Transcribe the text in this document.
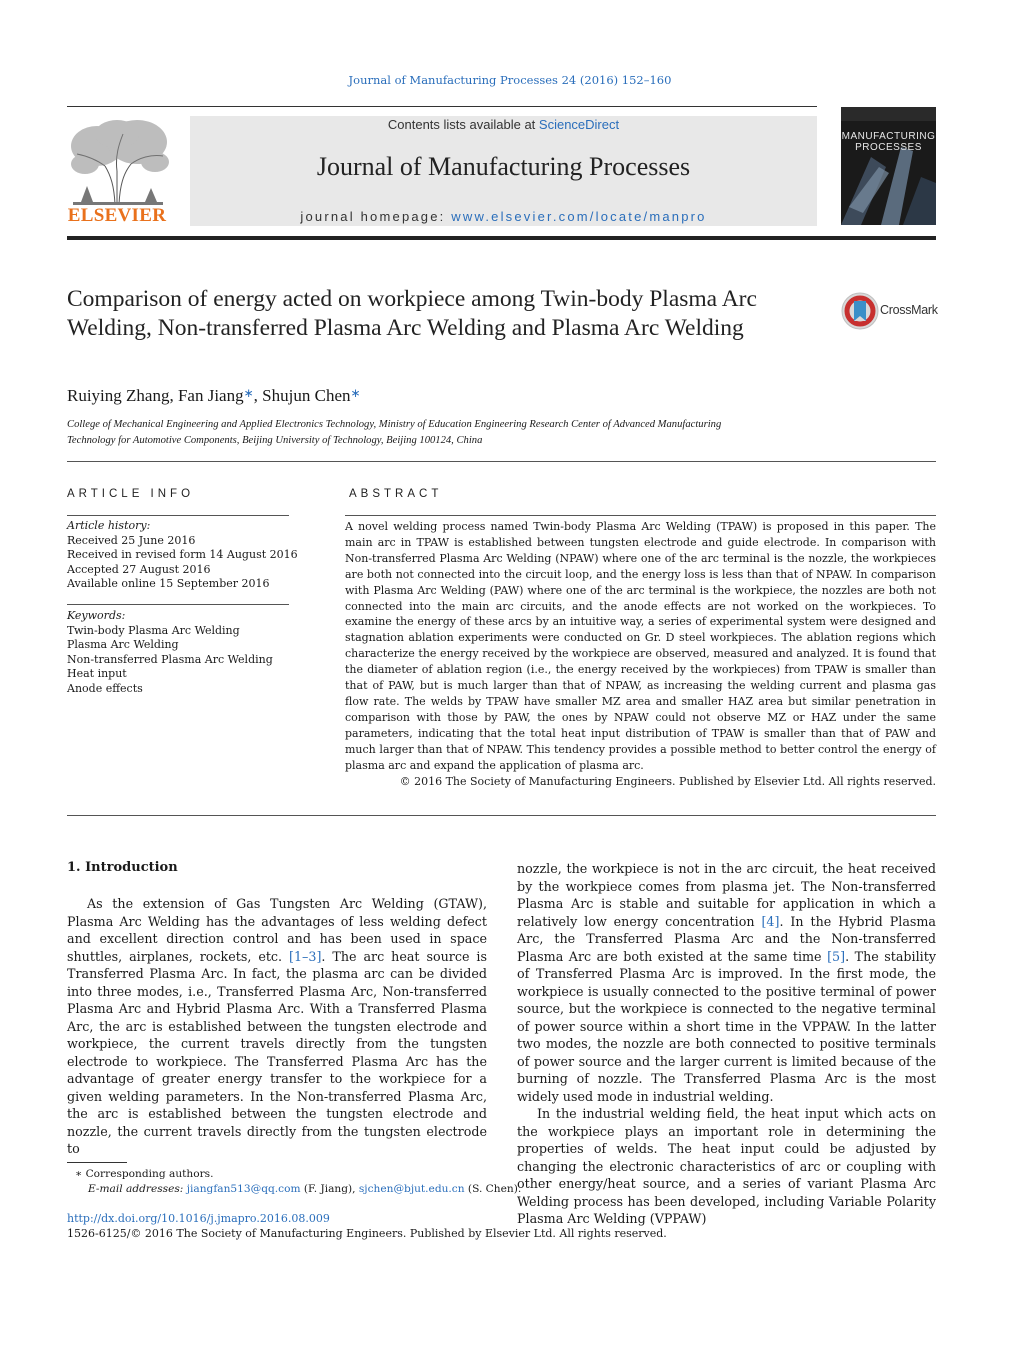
Journal of Manufacturing Processes 24 (2016) 152–160
ELSEVIER
Contents lists available at ScienceDirect
Journal of Manufacturing Processes
journal homepage: www.elsevier.com/locate/manpro
MANUFACTURING PROCESSES
Comparison of energy acted on workpiece among Twin-body Plasma Arc Welding, Non-transferred Plasma Arc Welding and Plasma Arc Welding
CrossMark
Ruiying Zhang, Fan Jiang∗, Shujun Chen∗
College of Mechanical Engineering and Applied Electronics Technology, Ministry of Education Engineering Research Center of Advanced Manufacturing
Technology for Automotive Components, Beijing University of Technology, Beijing 100124, China
ARTICLE INFO
Article history:
Received 25 June 2016
Received in revised form 14 August 2016
Accepted 27 August 2016
Available online 15 September 2016
Keywords:
Twin-body Plasma Arc Welding
Plasma Arc Welding
Non-transferred Plasma Arc Welding
Heat input
Anode effects
ABSTRACT
A novel welding process named Twin-body Plasma Arc Welding (TPAW) is proposed in this paper. The main arc in TPAW is established between tungsten electrode and guide electrode. In comparison with Non-transferred Plasma Arc Welding (NPAW) where one of the arc terminal is the nozzle, the workpieces are both not connected into the circuit loop, and the energy loss is less than that of NPAW. In comparison with Plasma Arc Welding (PAW) where one of the arc terminal is the workpiece, the nozzles are both not connected into the main arc circuits, and the anode effects are not worked on the workpieces. To examine the energy of these arcs by an intuitive way, a series of experimental system were designed and stagnation ablation experiments were conducted on Gr. D steel workpieces. The ablation regions which characterize the energy received by the workpiece are observed, measured and analyzed. It is found that the diameter of ablation region (i.e., the energy received by the workpieces) from TPAW is smaller than that of PAW, but is much larger than that of NPAW, as increasing the welding current and plasma gas flow rate. The welds by TPAW have smaller MZ area and smaller HAZ area but similar penetration in comparison with those by PAW, the ones by NPAW could not observe MZ or HAZ under the same parameters, indicating that the total heat input distribution of TPAW is smaller than that of PAW and much larger than that of NPAW. This tendency provides a possible method to better control the energy of plasma arc and expand the application of plasma arc.
© 2016 The Society of Manufacturing Engineers. Published by Elsevier Ltd. All rights reserved.
1. Introduction

As the extension of Gas Tungsten Arc Welding (GTAW), Plasma Arc Welding has the advantages of less welding defect and excellent direction control and has been used in space shuttles, airplanes, rockets, etc. [1–3]. The arc heat source is Transferred Plasma Arc. In fact, the plasma arc can be divided into three modes, i.e., Transferred Plasma Arc, Non-transferred Plasma Arc and Hybrid Plasma Arc. With a Transferred Plasma Arc, the arc is established between the tungsten electrode and workpiece, the current travels directly from the tungsten electrode to workpiece. The Transferred Plasma Arc has the advantage of greater energy transfer to the workpiece for a given welding parameters. In the Non-transferred Plasma Arc, the arc is established between the tungsten electrode and nozzle, the current travels directly from the tungsten electrode to

nozzle, the workpiece is not in the arc circuit, the heat received by the workpiece comes from plasma jet. The Non-transferred Plasma Arc is stable and suitable for application in which a relatively low energy concentration [4]. In the Hybrid Plasma Arc, the Transferred Plasma Arc and the Non-transferred Plasma Arc are both existed at the same time [5]. The stability of Transferred Plasma Arc is improved. In the first mode, the workpiece is usually connected to the positive terminal of power source, but the workpiece is connected to the negative terminal of power source within a short time in the VPPAW. In the latter two modes, the nozzle are both connected to positive terminals of power source and the larger current is limited because of the burning of nozzle. The Transferred Plasma Arc is the most widely used mode in industrial welding.

In the industrial welding field, the heat input which acts on the workpiece plays an important role in determining the properties of welds. The heat input could be adjusted by changing the electronic characteristics of arc or coupling with other energy/heat source, and a series of variant Plasma Arc Welding process has been developed, including Variable Polarity Plasma Arc Welding (VPPAW)

∗ Corresponding authors.
E-mail addresses: jiangfan513@qq.com (F. Jiang), sjchen@bjut.edu.cn (S. Chen).
http://dx.doi.org/10.1016/j.jmapro.2016.08.009
1526-6125/© 2016 The Society of Manufacturing Engineers. Published by Elsevier Ltd. All rights reserved.
